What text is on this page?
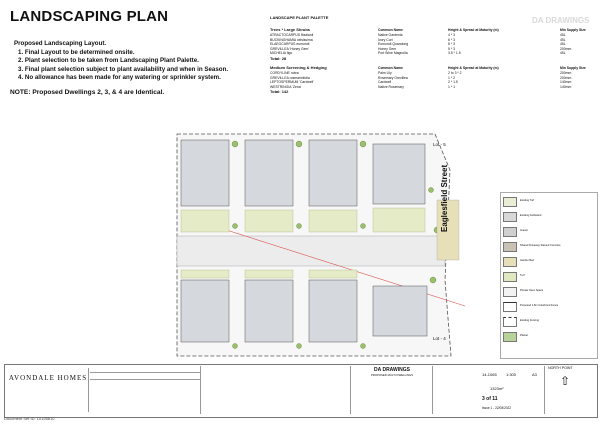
LANDSCAPING PLAN
Proposed Landscaping Layout.
1. Final Layout to be determined onsite.
2. Plant selection to be taken from Landscaping Plant Palette.
3. Final plant selection subject to plant availability and when in Season.
4. No allowance has been made for any watering or sprinkler system.
NOTE: Proposed Dwellings 2, 3, & 4 are Identical.
LANDSCAPE PLANT PALETTE
Trees * Large Shrubs	Common Name	Height & Spread at Maturity (m)	Min Supply Size
ATRACTOCARPUS fitzalanii	Native Gardenia	4 * 3	45L
BUCKINGHAMIA celsissima	Ivory Curl	6 * 3	45L
ELAEOCARPUS eumundi	Eumundi Quandong	8 * 3	45L
GREVILLEA 'Honey Gem'	Honey Gem	5 * 3	200mm
MICHELIA figo	Port Wine Magnolia	3.5 * 1.5	45L
Total: 28
Medium Screening & Hedging	Common Name	Height & Spread at Maturity (m)	Min Supply Size
CORDYLINE rubra	Palm Lily	2 to 3 * 2	200mm
GREVILLEA rosmarinifolia	Rosemary Grevillea	1 * 2	200mm
LEPTOSPERMUM 'Cardwell'	Cardwell	2 * 1.5	140mm
WESTRINGIA 'Zena'	Native Rosemary	1 * 1	140mm
Total: 142
DA DRAWINGS
Lot - 5
Lot - 4
Eaglesfield Street	Existing Turf
Existing hardstand
Gravel
Shared Driveway Stained Concrete
Garden Bed
Turf
Private Open Space
Proposed 1.8m Colorbond Fence
Existing Fencing
Planter
AVONDALE HOMES
DA DRAWINGS
PROPOSED MULTI DWELLINGS	14-1065 1:300	A3
1323m²
3 of 11
Issue 1 - 22/08/2022
NORTH POINT
⇧
Document Set ID: 10195810
